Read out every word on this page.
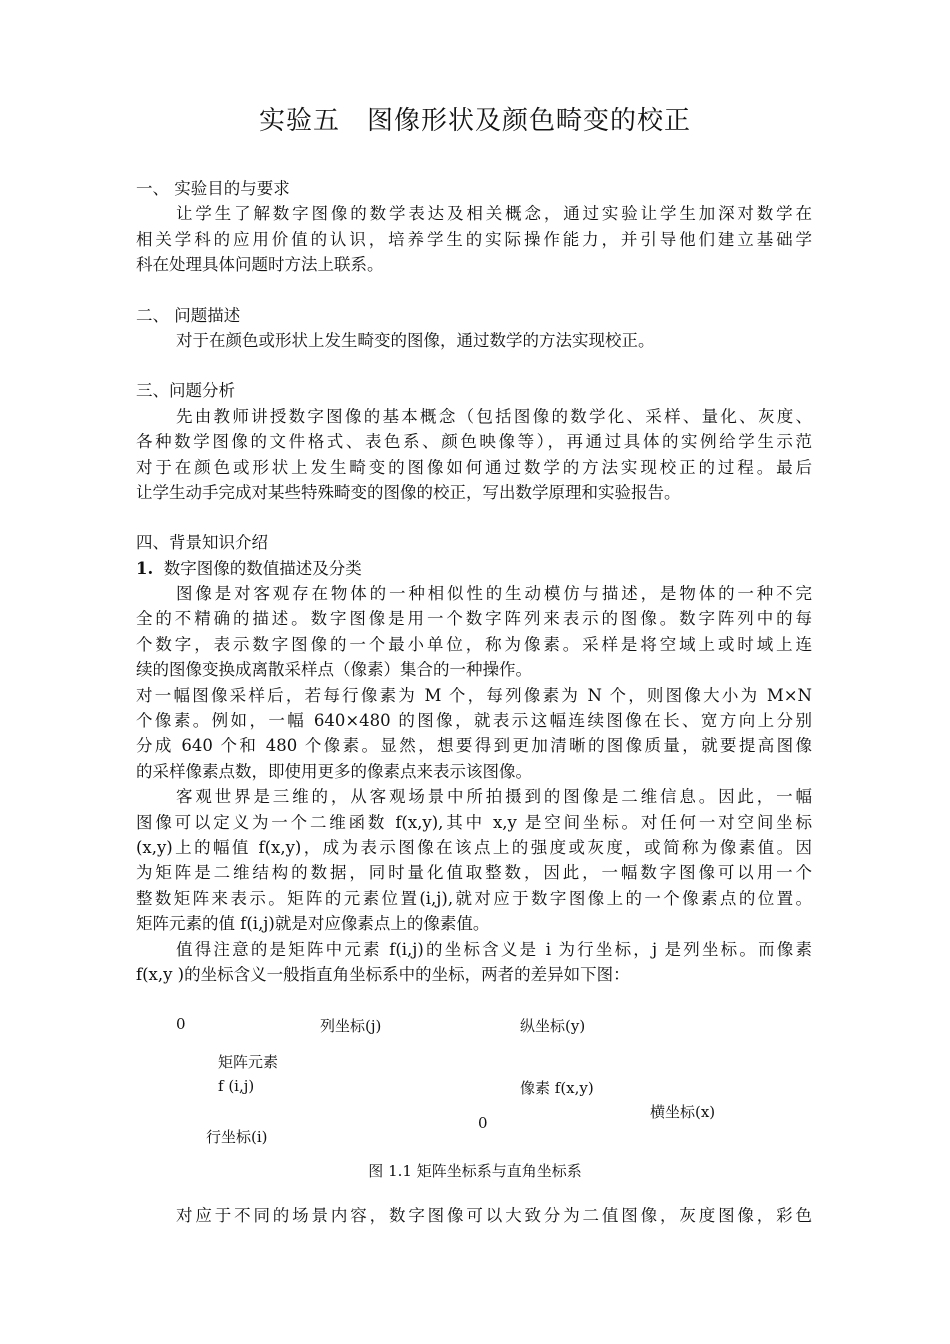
实验五　图像形状及颜色畸变的校正
一、 实验目的与要求
让学生了解数字图像的数学表达及相关概念，通过实验让学生加深对数学在
相关学科的应用价值的认识，培养学生的实际操作能力，并引导他们建立基础学
科在处理具体问题时方法上联系。
二、 问题描述
对于在颜色或形状上发生畸变的图像，通过数学的方法实现校正。
三、问题分析
先由教师讲授数字图像的基本概念（包括图像的数学化、采样、量化、灰度、
各种数学图像的文件格式、表色系、颜色映像等），再通过具体的实例给学生示范
对于在颜色或形状上发生畸变的图像如何通过数学的方法实现校正的过程。最后
让学生动手完成对某些特殊畸变的图像的校正，写出数学原理和实验报告。
四、背景知识介绍
1. 数字图像的数值描述及分类
图像是对客观存在物体的一种相似性的生动模仿与描述，是物体的一种不完
全的不精确的描述。数字图像是用一个数字阵列来表示的图像。数字阵列中的每
个数字，表示数字图像的一个最小单位，称为像素。采样是将空域上或时域上连
续的图像变换成离散采样点（像素）集合的一种操作。
对一幅图像采样后，若每行像素为 M 个，每列像素为 N 个，则图像大小为 M×N
个像素。例如，一幅 640×480 的图像，就表示这幅连续图像在长、宽方向上分别
分成 640 个和 480 个像素。显然，想要得到更加清晰的图像质量，就要提高图像
的采样像素点数，即使用更多的像素点来表示该图像。
客观世界是三维的，从客观场景中所拍摄到的图像是二维信息。因此，一幅
图像可以定义为一个二维函数 f(x,y),其中 x,y 是空间坐标。对任何一对空间坐标
(x,y)上的幅值 f(x,y)，成为表示图像在该点上的强度或灰度，或简称为像素值。因
为矩阵是二维结构的数据，同时量化值取整数，因此，一幅数字图像可以用一个
整数矩阵来表示。矩阵的元素位置(i,j),就对应于数字图像上的一个像素点的位置。
矩阵元素的值 f(i,j)就是对应像素点上的像素值。
值得注意的是矩阵中元素 f(i,j)的坐标含义是 i 为行坐标，j 是列坐标。而像素
f(x,y )的坐标含义一般指直角坐标系中的坐标，两者的差异如下图：
0	列坐标(j)	纵坐标(y)
矩阵元素
f (i,j)	像素 f(x,y)
横坐标(x)
0
行坐标(i)
图 1.1 矩阵坐标系与直角坐标系
对应于不同的场景内容，数字图像可以大致分为二值图像，灰度图像，彩色
